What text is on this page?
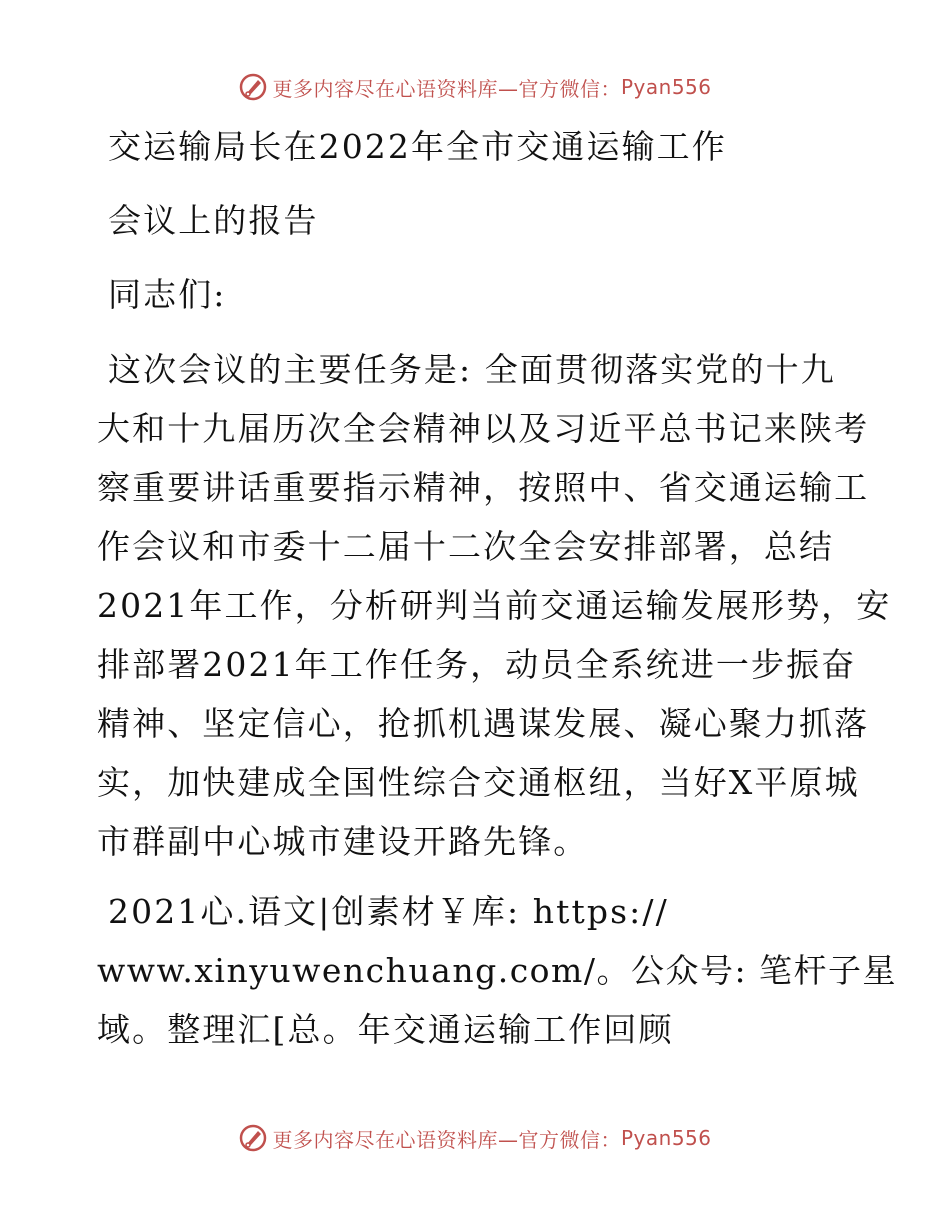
更多内容尽在心语资料库—官方微信： Pyan556
交运输局长在2022年全市交通运输工作
会议上的报告
同志们:
这次会议的主要任务是: 全面贯彻落实党的十九
大和十九届历次全会精神以及习近平总书记来陕考
察重要讲话重要指示精神，按照中、省交通运输工
作会议和市委十二届十二次全会安排部署，总结
2021年工作，分析研判当前交通运输发展形势，安
排部署2021年工作任务，动员全系统进一步振奋
精神、坚定信心，抢抓机遇谋发展、凝心聚力抓落
实，加快建成全国性综合交通枢纽，当好X平原城
市群副中心城市建设开路先锋。
2021心.语文|创素材￥库: https://
www.xinyuwenchuang.com/。公众号: 笔杆子星
域。整理汇[总。年交通运输工作回顾
更多内容尽在心语资料库—官方微信： Pyan556
